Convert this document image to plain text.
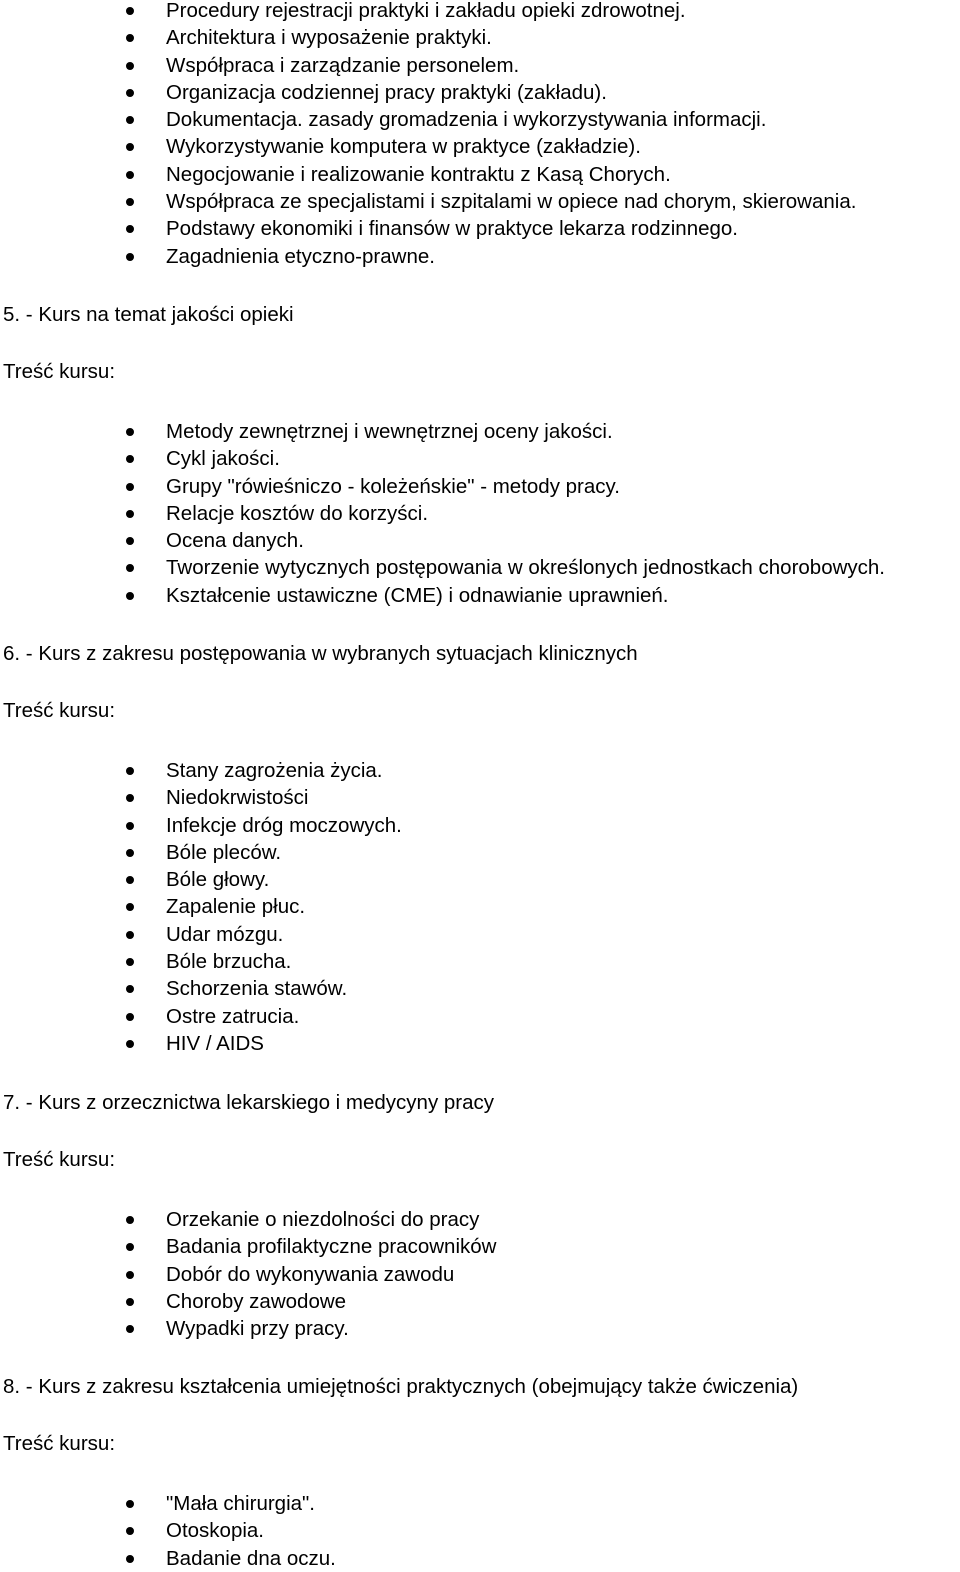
Procedury rejestracji praktyki i zakładu opieki zdrowotnej.
Architektura i wyposażenie praktyki.
Współpraca i zarządzanie personelem.
Organizacja codziennej pracy praktyki (zakładu).
Dokumentacja. zasady gromadzenia i wykorzystywania informacji.
Wykorzystywanie komputera w praktyce (zakładzie).
Negocjowanie i realizowanie kontraktu z Kasą Chorych.
Współpraca ze specjalistami i szpitalami w opiece nad chorym, skierowania.
Podstawy ekonomiki i finansów w praktyce lekarza rodzinnego.
Zagadnienia etyczno-prawne.
5. - Kurs na temat jakości opieki
Treść kursu:
Metody zewnętrznej i wewnętrznej oceny jakości.
Cykl jakości.
Grupy "rówieśniczo - koleżeńskie" - metody pracy.
Relacje kosztów do korzyści.
Ocena danych.
Tworzenie wytycznych postępowania w określonych jednostkach chorobowych.
Kształcenie ustawiczne (CME) i odnawianie uprawnień.
6. - Kurs z zakresu postępowania w wybranych sytuacjach klinicznych
Treść kursu:
Stany zagrożenia życia.
Niedokrwistości
Infekcje dróg moczowych.
Bóle pleców.
Bóle głowy.
Zapalenie płuc.
Udar mózgu.
Bóle brzucha.
Schorzenia stawów.
Ostre zatrucia.
HIV / AIDS
7. - Kurs z orzecznictwa lekarskiego i medycyny pracy
Treść kursu:
Orzekanie o niezdolności do pracy
Badania profilaktyczne pracowników
Dobór do wykonywania zawodu
Choroby zawodowe
Wypadki przy pracy.
8. - Kurs z zakresu kształcenia umiejętności praktycznych (obejmujący także ćwiczenia)
Treść kursu:
"Mała chirurgia".
Otoskopia.
Badanie dna oczu.
